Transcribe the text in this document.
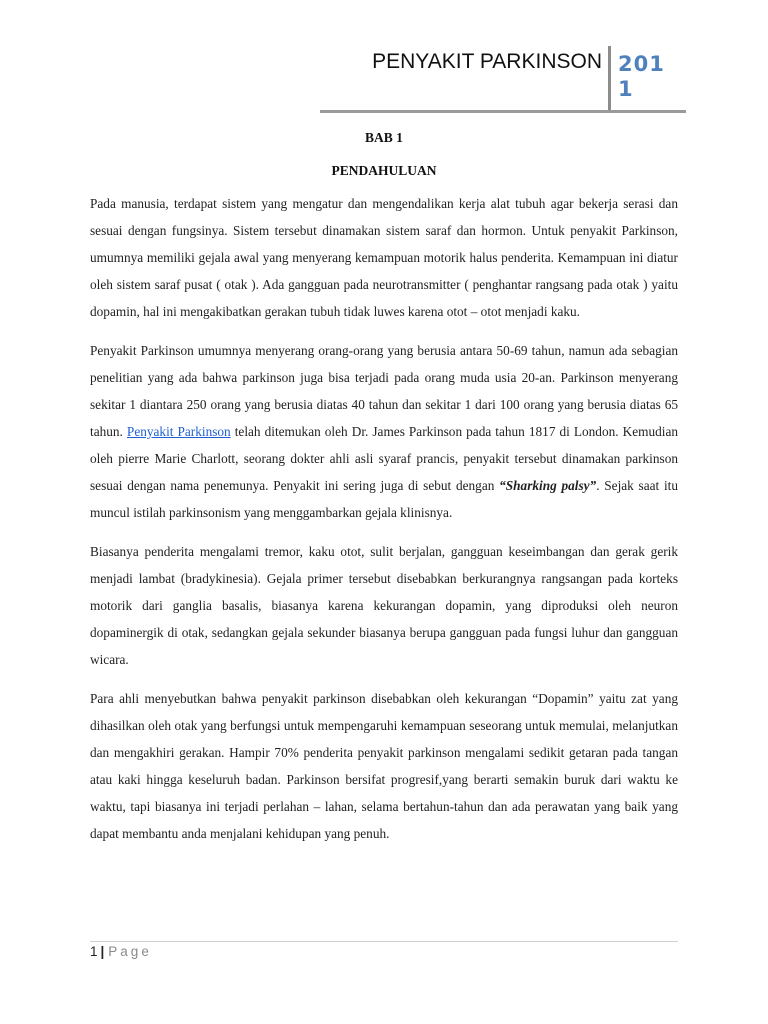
PENYAKIT PARKINSON 2011
BAB 1
PENDAHULUAN

Pada manusia, terdapat sistem yang mengatur dan mengendalikan kerja alat tubuh agar bekerja serasi dan sesuai dengan fungsinya. Sistem tersebut dinamakan sistem saraf dan hormon. Untuk penyakit Parkinson, umumnya memiliki gejala awal yang menyerang kemampuan motorik halus penderita. Kemampuan ini diatur oleh sistem saraf pusat ( otak ). Ada gangguan pada neurotransmitter ( penghantar rangsang pada otak ) yaitu dopamin, hal ini mengakibatkan gerakan tubuh tidak luwes karena otot – otot menjadi kaku.

Penyakit Parkinson umumnya menyerang orang-orang yang berusia antara 50-69 tahun, namun ada sebagian penelitian yang ada bahwa parkinson juga bisa terjadi pada orang muda usia 20-an. Parkinson menyerang sekitar 1 diantara 250 orang yang berusia diatas 40 tahun dan sekitar 1 dari 100 orang yang berusia diatas 65 tahun. Penyakit Parkinson telah ditemukan oleh Dr. James Parkinson pada tahun 1817 di London. Kemudian oleh pierre Marie Charlott, seorang dokter ahli asli syaraf prancis, penyakit tersebut dinamakan parkinson sesuai dengan nama penemunya. Penyakit ini sering juga di sebut dengan “Sharking palsy”. Sejak saat itu muncul istilah parkinsonism yang menggambarkan gejala klinisnya.

Biasanya penderita mengalami tremor, kaku otot, sulit berjalan, gangguan keseimbangan dan gerak gerik menjadi lambat (bradykinesia). Gejala primer tersebut disebabkan berkurangnya rangsangan pada korteks motorik dari ganglia basalis, biasanya karena kekurangan dopamin, yang diproduksi oleh neuron dopaminergik di otak, sedangkan gejala sekunder biasanya berupa gangguan pada fungsi luhur dan gangguan wicara.

Para ahli menyebutkan bahwa penyakit parkinson disebabkan oleh kekurangan “Dopamin” yaitu zat yang dihasilkan oleh otak yang berfungsi untuk mempengaruhi kemampuan seseorang untuk memulai, melanjutkan dan mengakhiri gerakan. Hampir 70% penderita penyakit parkinson mengalami sedikit getaran pada tangan atau kaki hingga keseluruh badan. Parkinson bersifat progresif,yang berarti semakin buruk dari waktu ke waktu, tapi biasanya ini terjadi perlahan – lahan, selama bertahun-tahun dan ada perawatan yang baik yang dapat membantu anda menjalani kehidupan yang penuh.

1 | Page
